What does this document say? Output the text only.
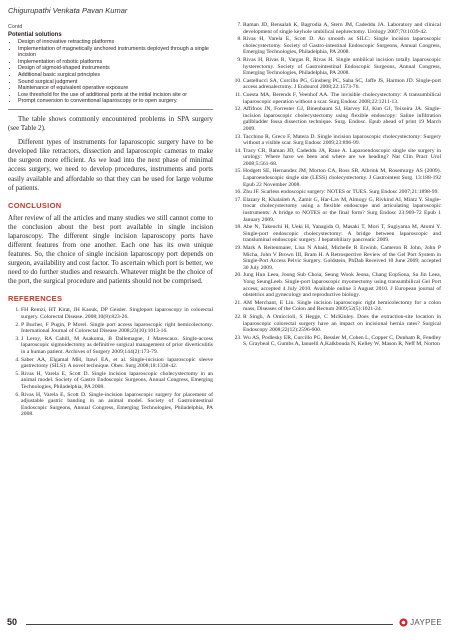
Chigurupathi Venkata Pavan Kumar
Contd
Potential solutions
• Design of innovative retracting platforms
• Implementation of magnetically anchored instruments deployed through a single incision
• Implementation of robotic platforms
• Design of sigmoid-shaped instruments
• Additional basic surgical principles
• Sound surgical judgment
• Maintenance of equivalent operative exposure
• Low threshold for the use of additional ports at the initial incision site or
• Prompt conversion to conventional laparoscopy or to open surgery.

The table shows commonly encountered problems in SPA surgery (see Table 2).

Different types of instruments for laparoscopic surgery have to be developed like retractors, dissection and laparoscopic cameras to make the surgeon more efficient. As we lead into the next phase of minimal access surgery, we need to develop procedures, instruments and ports easily available and affordable so that they can be used for large volume of patients.

CONCLUSION

After review of all the articles and many studies we still cannot come to the conclusion about the best port available in single incision laparoscopy. The different single incision laparoscopy ports have different features from one another. Each one has its own unique features. So, the choice of single incision laparoscopy port depends on surgeon, availability and cost factor. To ascertain which port is better, we need to do further studies and research. Whatever might be the choice of the port, the surgical procedure and patients should not be comprised.

REFERENCES
1. FH Remzi, HT Kirat, JH Kaouk, DP Geisler. Singleport laparoscopy in colorectal surgery. Colorectal Disease. 2008;10(8):823-26.
2. P Bucher, F Pugin, P Morel. Single port access laparoscopic right hemicolectomy. International Journal of Colorectal Disease 2008;23(10):1013-16.
3. J Leroy, RA Cahill, M Asakuma, B Dallemagne, J Marescaux. Single-access laparoscopic sigmoidectomy as definitive surgical management of prior diverticulitis in a human patient. Archives of Surgery 2009;144(2):173-79.
4. Saber AA, Elgamal MH, Itawi EA, et al. Single-incision laparoscopic sleeve gastrectomy (SILS): A novel technique. Obes. Surg 2008;18:1338-42.
5. Rivas H, Varela E, Scott D. Single incision laparoscopic cholecystectomy in an animal model. Society of Gastro Endoscopic Surgeons, Annual Congress, Emerging Technologies, Philadelphia, PA 2008.
6. Rivas H, Varela E, Scott D. Single-incision laparoscopic surgery for placement of adjustable gastric banding in an animal model. Society of Gastrointestinal Endoscopic Surgeons, Annual Congress, Emerging Technologies, Philadelphia, PA 2008.
7. Raman JD, Bensalah K, Bagrodia A, Stern JM, Cadeddu JA. Laboratory and clinical development of single keyhole umbilical nephrectomy. Urology 2007;70:1039-42.
8. Rivas H, Varela E, Scott D. An smooth as SILC: Single incision laparoscopic cholecystectomy. Society of Gastro-intestinal Endoscopic Surgeons, Annual Congress, Emerging Technologies, Philadelphia, PA 2008.
9. Rivas H, Rivas R, Vargas R, Rivas H. Single umbilical incision totally laparoscopic hysterectomy. Society of Gastrointestinal Endoscopic Surgeons, Annual Congress, Emerging Technologies, Philadelphia, PA 2008.
10. Castellucci SA, Curcillo PG, Ginsberg PC, Saba SC, Jaffe JS, Harmon JD. Single-port access adrenalectomy. J Endourol 2008;22:1573-76.
11. Cuesta MA, Berends F, Veenhof AA. The invisible cholecystectomy: A transumbilical laparoscopic operation without a scar. Surg Endosc 2008;22:1211-13.
12. Affifnos JN, Forrester GJ, Binenbaum SJ, Harvey EJ, Kim GJ, Teixeira JA. Single-incision laparoscopic cholecystectomy using flexible endoscopy: Saline infiltration gallbladder fossa dissection technique. Surg. Endosc. Epub ahead of print 19 March 2009.
13. Tacchino R, Greco F, Matera D. Single incision laparoscopic cholecystectomy: Surgery without a visible scar. Surg Endosc 2009;23:896-99.
14. Tracy CR, Raman JD, Cadeddu JA, Rane A. Laparoendoscopic single site surgery in urology: Where have we been and where are we heading? Nat Clin Pract Urol 2008;5:561-68.
15. Hodgett SE, Hernandez JM, Morton CA, Ross SB, Albrink M, Rosemurgy AS (2009). Laparoendoscopic single site (LESS) cholecystectomy. J Gastrointest Surg. 13:188-192 Epub 22 November 2008.
16. Zhu JF. Scarless endoscopic surgery: NOTES or TUES. Surg Endosc 2007;21:1898-99.
17. Elazary R, Khalaileh A, Zamir G, Har-Lav M, Almogy G, Rivkind AI, Mintz Y. Single-trocar cholecystectomy using a flexible endoscope and articulating laparoscopic instruments: A bridge to NOTES or the final form? Surg Endosc 23:969-72 Epub 1 January 2009.
18. Abe N, Takeuchi H, Ueki H, Yanagida O, Masaki T, Mori T, Sugiyama M, Atomi Y. Single-port endoscopic cholecystectomy: A bridge between laparoscopic and transluminal endoscopic surgery. J hepatobiliary pancreatic 2009.
19. Mark A Reitenmaier, Lisa N Abaid, Michelle R Erwinb, Cameron R John, John P Micha, John V Brown III, Bram H. A Retrospective Review of the Gel Port System in Single-Port Access Pelvic Surgery. Goldstein, PhDab Received 10 June 2009; accepted 30 July 2009.
20. Jung Hun Leea, Joong Sub Choia, Seung Wook Jeona, Chang EopSona, Sa Jin Leea, Yong SeungLeeb. Single-port laparoscopic myomectomy using transumbilical Gel Port access; accepted 4 July 2010. Available online 3 August 2010. J European journal of obstetrics and gynecology and reproductive biology.
21. AM Merchant, E Lin. Single incision laparoscopic right hemicolectomy for a colon mass, Diseases of the Colon and Rectum 2009;52(5):1021-24.
22. R Singh, A Omiccioli, S Hegge, C McKinley. Does the extraction-site location in laparoscopic colorectal surgery have an impact on incisional hernia rates? Surgical Endoscopy 2008;22(12):2596-600.
23. Wu AS, Podlesky ER, Curcillo PG, Bessler M, Cohen L, Copper C, Dunham R, Fendley S, Graybeal C, Gumbs A, Ianuelli A,Kalkbouda N, Kelley W, Mason R, Neff M, Norton
50	JAYPEE
